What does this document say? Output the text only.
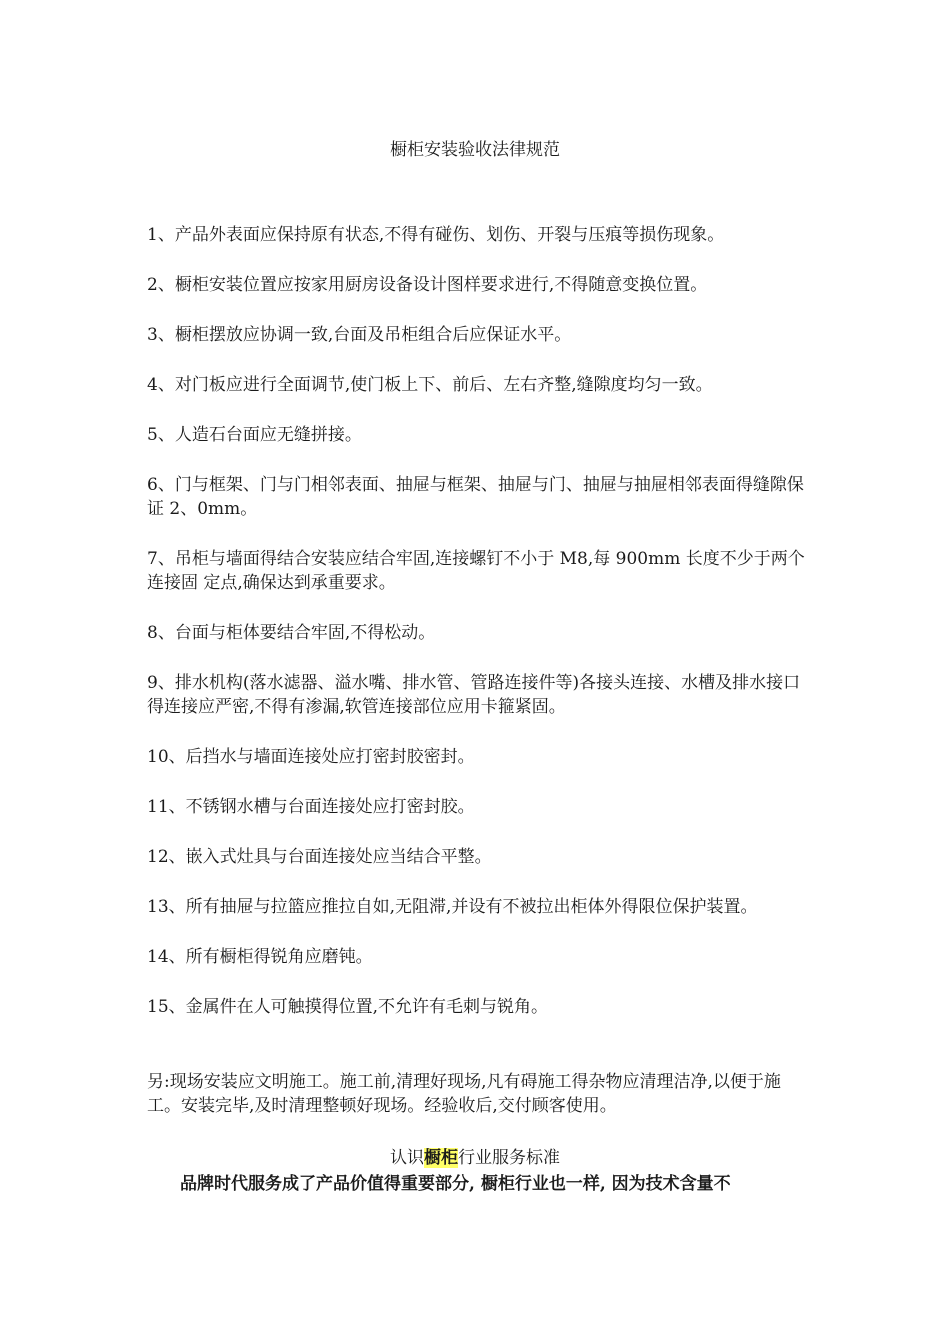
橱柜安装验收法律规范
1、产品外表面应保持原有状态,不得有碰伤、划伤、开裂与压痕等损伤现象。
2、橱柜安装位置应按家用厨房设备设计图样要求进行,不得随意变换位置。
3、橱柜摆放应协调一致,台面及吊柜组合后应保证水平。
4、对门板应进行全面调节,使门板上下、前后、左右齐整,缝隙度均匀一致。
5、人造石台面应无缝拼接。
6、门与框架、门与门相邻表面、抽屉与框架、抽屉与门、抽屉与抽屉相邻表面得缝隙保证 2、0mm。
7、吊柜与墙面得结合安装应结合牢固,连接螺钉不小于 M8,每 900mm 长度不少于两个连接固 定点,确保达到承重要求。
8、台面与柜体要结合牢固,不得松动。
9、排水机构(落水滤器、溢水嘴、排水管、管路连接件等)各接头连接、水槽及排水接口 得连接应严密,不得有渗漏,软管连接部位应用卡箍紧固。
10、后挡水与墙面连接处应打密封胶密封。
11、不锈钢水槽与台面连接处应打密封胶。
12、嵌入式灶具与台面连接处应当结合平整。
13、所有抽屉与拉篮应推拉自如,无阻滞,并设有不被拉出柜体外得限位保护装置。
14、所有橱柜得锐角应磨钝。
15、金属件在人可触摸得位置,不允许有毛刺与锐角。

另:现场安装应文明施工。施工前,清理好现场,凡有碍施工得杂物应清理洁净,以便于施工。安装完毕,及时清理整顿好现场。经验收后,交付顾客使用。

认识橱柜行业服务标准
品牌时代服务成了产品价值得重要部分, 橱柜行业也一样, 因为技术含量不
